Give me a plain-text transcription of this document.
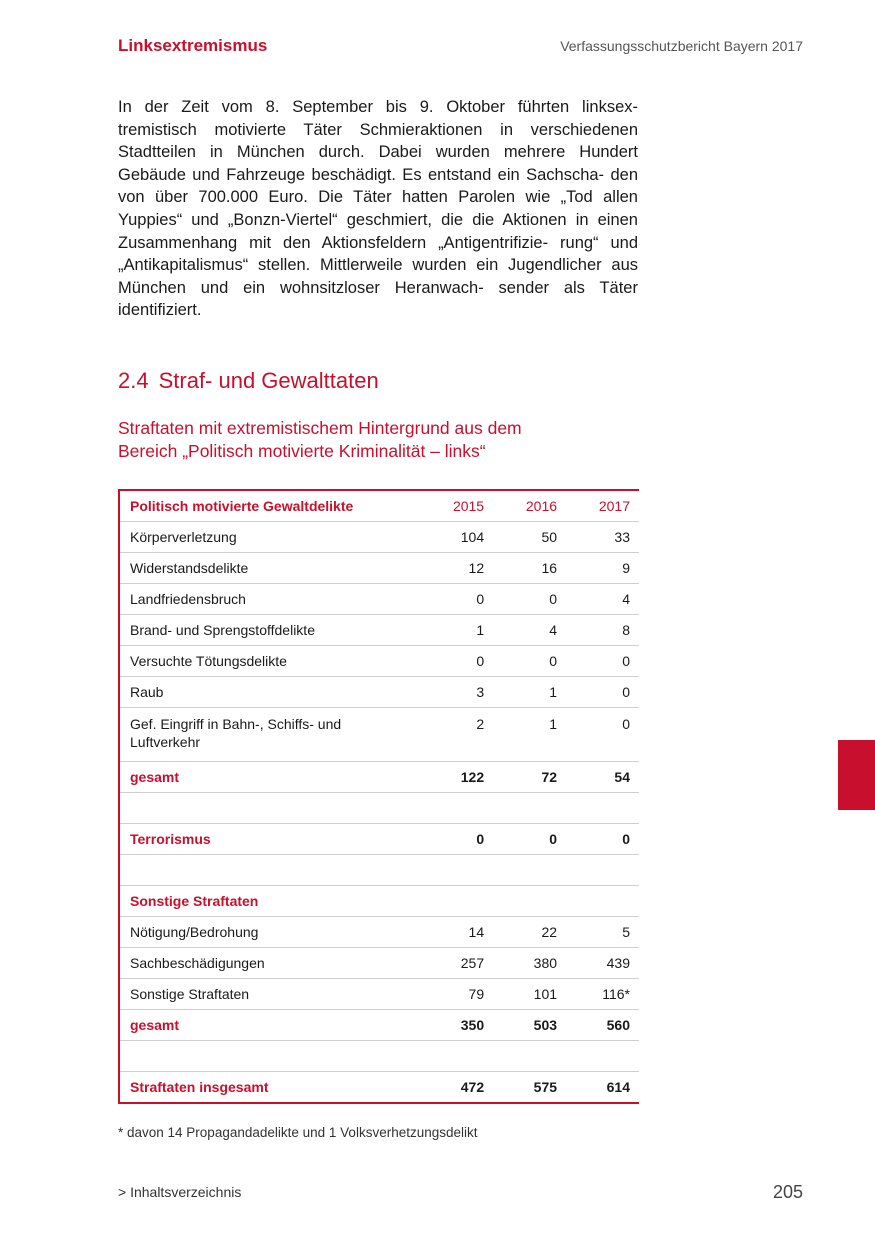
Linksextremismus	Verfassungsschutzbericht Bayern 2017

In der Zeit vom 8. September bis 9. Oktober führten linksex- tremistisch motivierte Täter Schmieraktionen in verschiedenen Stadtteilen in München durch. Dabei wurden mehrere Hundert Gebäude und Fahrzeuge beschädigt. Es entstand ein Sachscha- den von über 700.000 Euro. Die Täter hatten Parolen wie „Tod allen Yuppies“ und „Bonzn-Viertel“ geschmiert, die die Aktionen in einen Zusammenhang mit den Aktionsfeldern „Antigentrifizie- rung“ und „Antikapitalismus“ stellen. Mittlerweile wurden ein Jugendlicher aus München und ein wohnsitzloser Heranwach- sender als Täter identifiziert.

2.4 Straf- und Gewalttaten
Straftaten mit extremistischem Hintergrund aus dem
Bereich „Politisch motivierte Kriminalität – links“
Politisch motivierte Gewaltdelikte	2015	2016	2017
Körperverletzung	104	50	33
Widerstandsdelikte	12	16	9
Landfriedensbruch	0	0	4
Brand- und Sprengstoffdelikte	1	4	8
Versuchte Tötungsdelikte	0	0	0
Raub	3	1	0
Gef. Eingriff in Bahn-, Schiffs- und
Luftverkehr	2	1	0
gesamt	122	72	54

Terrorismus	0	0	0

Sonstige Straftaten			
Nötigung/Bedrohung	14	22	5
Sachbeschädigungen	257	380	439
Sonstige Straftaten	79	101	116*
gesamt	350	503	560

Straftaten insgesamt	472	575	614
* davon 14 Propagandadelikte und 1 Volksverhetzungsdelikt
> Inhaltsverzeichnis	205
